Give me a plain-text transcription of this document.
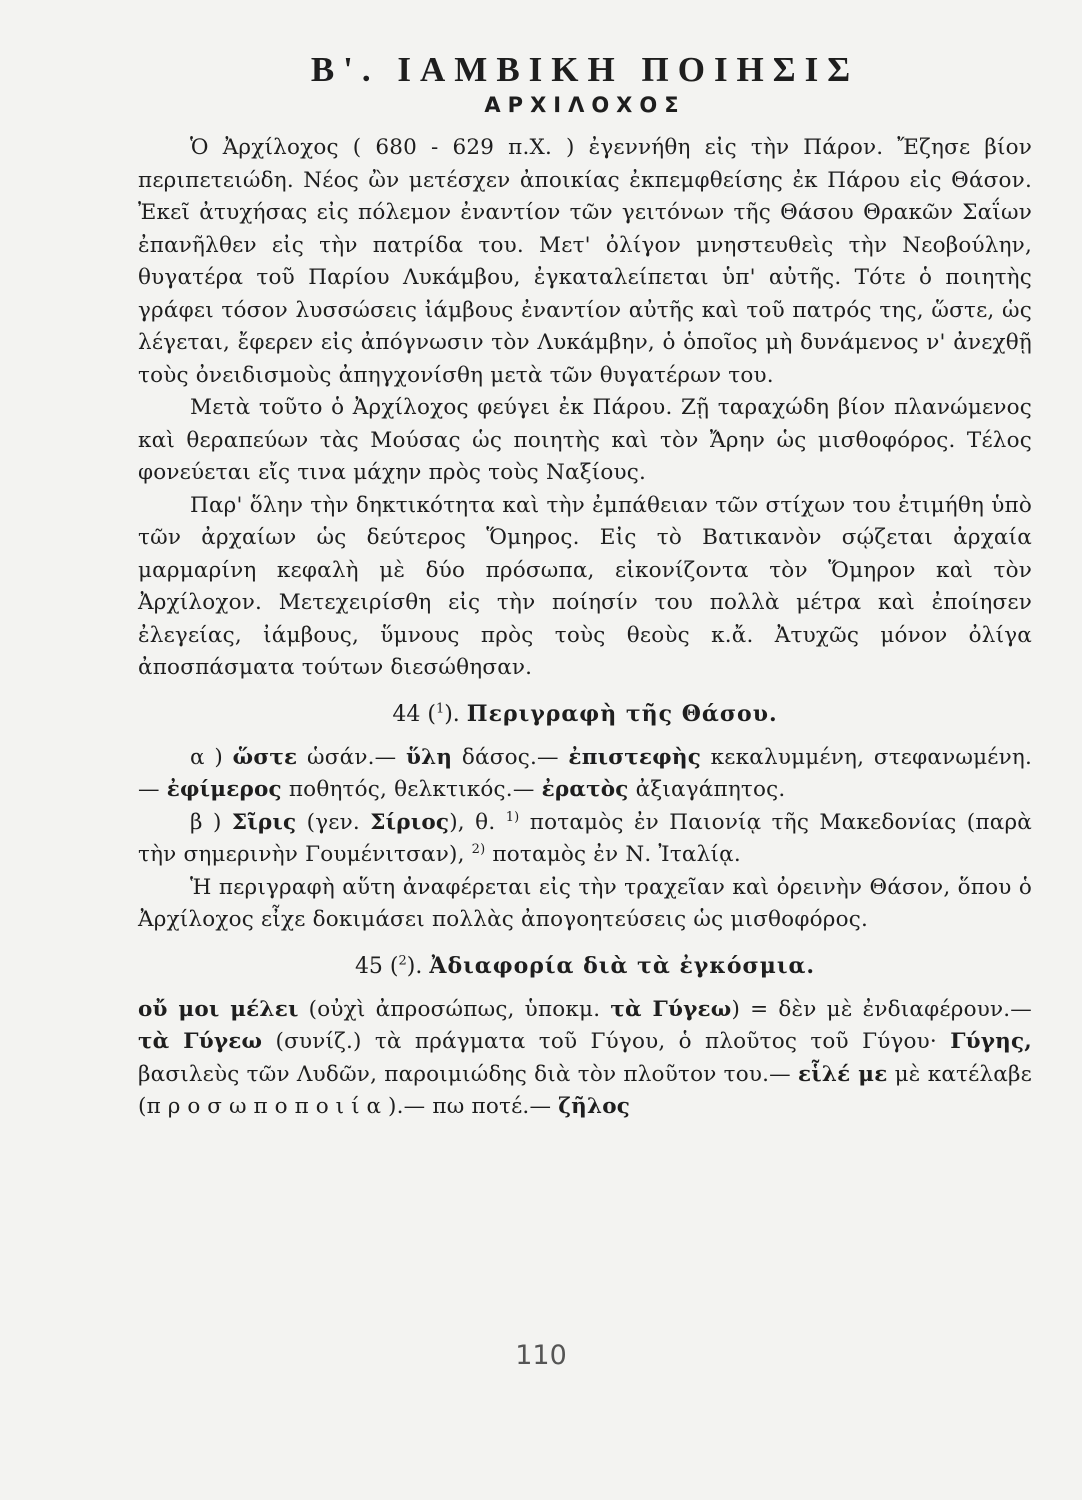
Β'. ΙΑΜΒΙΚΗ ΠΟΙΗΣΙΣ
ΑΡΧΙΛΟΧΟΣ

Ὁ Ἀρχίλοχος ( 680 - 629 π.Χ. ) ἐγεννήθη εἰς τὴν Πάρον. Ἔζησε βίον περιπετειώδη. Νέος ὢν μετέσχεν ἀποικίας ἐκπεμφθείσης ἐκ Πάρου εἰς Θάσον. Ἐκεῖ ἀτυχήσας εἰς πόλεμον ἐναντίον τῶν γειτόνων τῆς Θάσου Θρακῶν Σαΐων ἐπανῆλθεν εἰς τὴν πατρίδα του. Μετ' ὀλίγον μνηστευθεὶς τὴν Νεοβούλην, θυγατέρα τοῦ Παρίου Λυκάμβου, ἐγκαταλείπεται ὑπ' αὐτῆς. Τότε ὁ ποιητὴς γράφει τόσον λυσσώσεις ἰάμβους ἐναντίον αὐτῆς καὶ τοῦ πατρός της, ὥστε, ὡς λέγεται, ἔφερεν εἰς ἀπόγνωσιν τὸν Λυκάμβην, ὁ ὁποῖος μὴ δυνάμενος ν' ἀνεχθῇ τοὺς ὀνειδισμοὺς ἀπηγχονίσθη μετὰ τῶν θυγατέρων του.

Μετὰ τοῦτο ὁ Ἀρχίλοχος φεύγει ἐκ Πάρου. Ζῇ ταραχώδη βίον πλανώμενος καὶ θεραπεύων τὰς Μούσας ὡς ποιητὴς καὶ τὸν Ἄρην ὡς μισθοφόρος. Τέλος φονεύεται εἴς τινα μάχην πρὸς τοὺς Ναξίους.

Παρ' ὅλην τὴν δηκτικότητα καὶ τὴν ἐμπάθειαν τῶν στίχων του ἐτιμήθη ὑπὸ τῶν ἀρχαίων ὡς δεύτερος Ὅμηρος. Εἰς τὸ Βατικανὸν σῴζεται ἀρχαία μαρμαρίνη κεφαλὴ μὲ δύο πρόσωπα, εἰκονίζοντα τὸν Ὅμηρον καὶ τὸν Ἀρχίλοχον. Μετεχειρίσθη εἰς τὴν ποίησίν του πολλὰ μέτρα καὶ ἐποίησεν ἐλεγείας, ἰάμβους, ὕμνους πρὸς τοὺς θεοὺς κ.ἄ. Ἀτυχῶς μόνον ὀλίγα ἀποσπάσματα τούτων διεσώθησαν.

44 ($^1$). Περιγραφὴ τῆς Θάσου.

α ) ὥστε ὡσάν.— ὕλη δάσος.— ἐπιστεφὴς κεκαλυμμένη, στεφανωμένη.— ἐφίμερος ποθητός, θελκτικός.— ἐρατὸς ἀξιαγάπητος.

β ) Σῖρις (γεν. Σίριος), θ. $^{1)}$ ποταμὸς ἐν Παιονίᾳ τῆς Μακεδονίας (παρὰ τὴν σημερινὴν Γουμένιτσαν), $^{2)}$ ποταμὸς ἐν Ν. Ἰταλίᾳ.

Ἡ περιγραφὴ αὕτη ἀναφέρεται εἰς τὴν τραχεῖαν καὶ ὀρεινὴν Θάσον, ὅπου ὁ Ἀρχίλοχος εἶχε δοκιμάσει πολλὰς ἀπογοητεύσεις ὡς μισθοφόρος.

45 ($^2$). Ἀδιαφορία διὰ τὰ ἐγκόσμια.

οὔ μοι μέλει (οὐχὶ ἀπροσώπως, ὑποκμ. τὰ Γύγεω) = δὲν μὲ ἐνδιαφέρουν.— τὰ Γύγεω (συνίζ.) τὰ πράγματα τοῦ Γύγου, ὁ πλοῦτος τοῦ Γύγου· Γύγης, βασιλεὺς τῶν Λυδῶν, παροιμιώδης διὰ τὸν πλοῦτον του.— εἷλέ με μὲ κατέλαβε (προσωποποιία).— πω ποτέ.— ζῆλος

110
